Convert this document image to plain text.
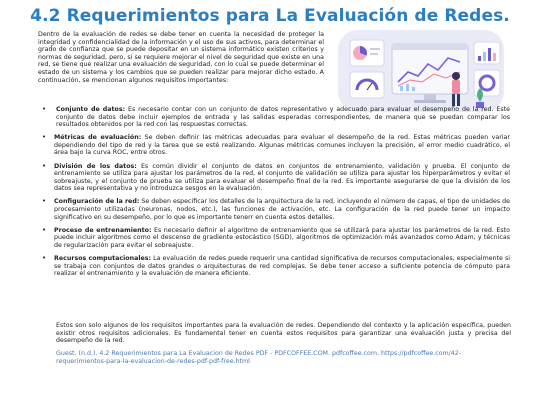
4.2 Requerimientos para La Evaluación de Redes.
Dentro de la evaluación de redes se debe tener en cuenta la necesidad de proteger la integridad y confidencialidad de la información y el uso de sus activos, para determinar el grado de confianza que se puede depositar en un sistema informático existen criterios y normas de seguridad, pero, si se requiere mejorar el nivel de seguridad que existe en una red, se tiene que realizar una evaluación de seguridad, con lo cual se puede determinar el estado de un sistema y los cambios que se pueden realizar para mejorar dicho estado. A continuación, se mencionan algunos requisitos importantes:
• Conjunto de datos: Es necesario contar con un conjunto de datos representativo y adecuado para evaluar el desempeño de la red. Este conjunto de datos debe incluir ejemplos de entrada y las salidas esperadas correspondientes, de manera que se puedan comparar los resultados obtenidos por la red con las respuestas correctas.
• Métricas de evaluación: Se deben definir las métricas adecuadas para evaluar el desempeño de la red. Estas métricas pueden variar dependiendo del tipo de red y la tarea que se esté realizando. Algunas métricas comunes incluyen la precisión, el error medio cuadrático, el área bajo la curva ROC, entre otros.
• División de los datos: Es común dividir el conjunto de datos en conjuntos de entrenamiento, validación y prueba. El conjunto de entrenamiento se utiliza para ajustar los parámetros de la red, el conjunto de validación se utiliza para ajustar los hiperparámetros y evitar el sobreajuste, y el conjunto de prueba se utiliza para evaluar el desempeño final de la red. Es importante asegurarse de que la división de los datos sea representativa y no introduzca sesgos en la evaluación.
• Configuración de la red: Se deben especificar los detalles de la arquitectura de la red, incluyendo el número de capas, el tipo de unidades de procesamiento utilizadas (neuronas, nodos, etc.), las funciones de activación, etc. La configuración de la red puede tener un impacto significativo en su desempeño, por lo que es importante tenerr en cuenta estos detalles.
• Proceso de entrenamiento: Es necesario definir el algoritmo de entrenamiento que se utilizará para ajustar los parámetros de la red. Esto puede incluir algoritmos como el descenso de gradiente estocástico (SGD), algoritmos de optimización más avanzados como Adam, y técnicas de regularización para evitar el sobreajuste.
• Recursos computacionales: La evaluación de redes puede requerir una cantidad significativa de recursos computacionales, especialmente si se trabaja con conjuntos de datos grandes o arquitecturas de red complejas. Se debe tener acceso a suficiente potencia de cómputo para realizar el entrenamiento y la evaluación de manera eficiente.
Estos son solo algunos de los requisitos importantes para la evaluación de redes. Dependiendo del contexto y la aplicación específica, pueden existir otros requisitos adicionales. Es fundamental tener en cuenta estos requisitos para garantizar una evaluación justa y precisa del desempeño de la red.
Guest. (n.d.). 4.2 Requerimientos para La Evaluacion de Redes PDF - PDFCOFFEE.COM. pdfcoffee.com. https://pdfcoffee.com/42-requerimientos-para-la-evaluacion-de-redes-pdf-pdf-free.html
